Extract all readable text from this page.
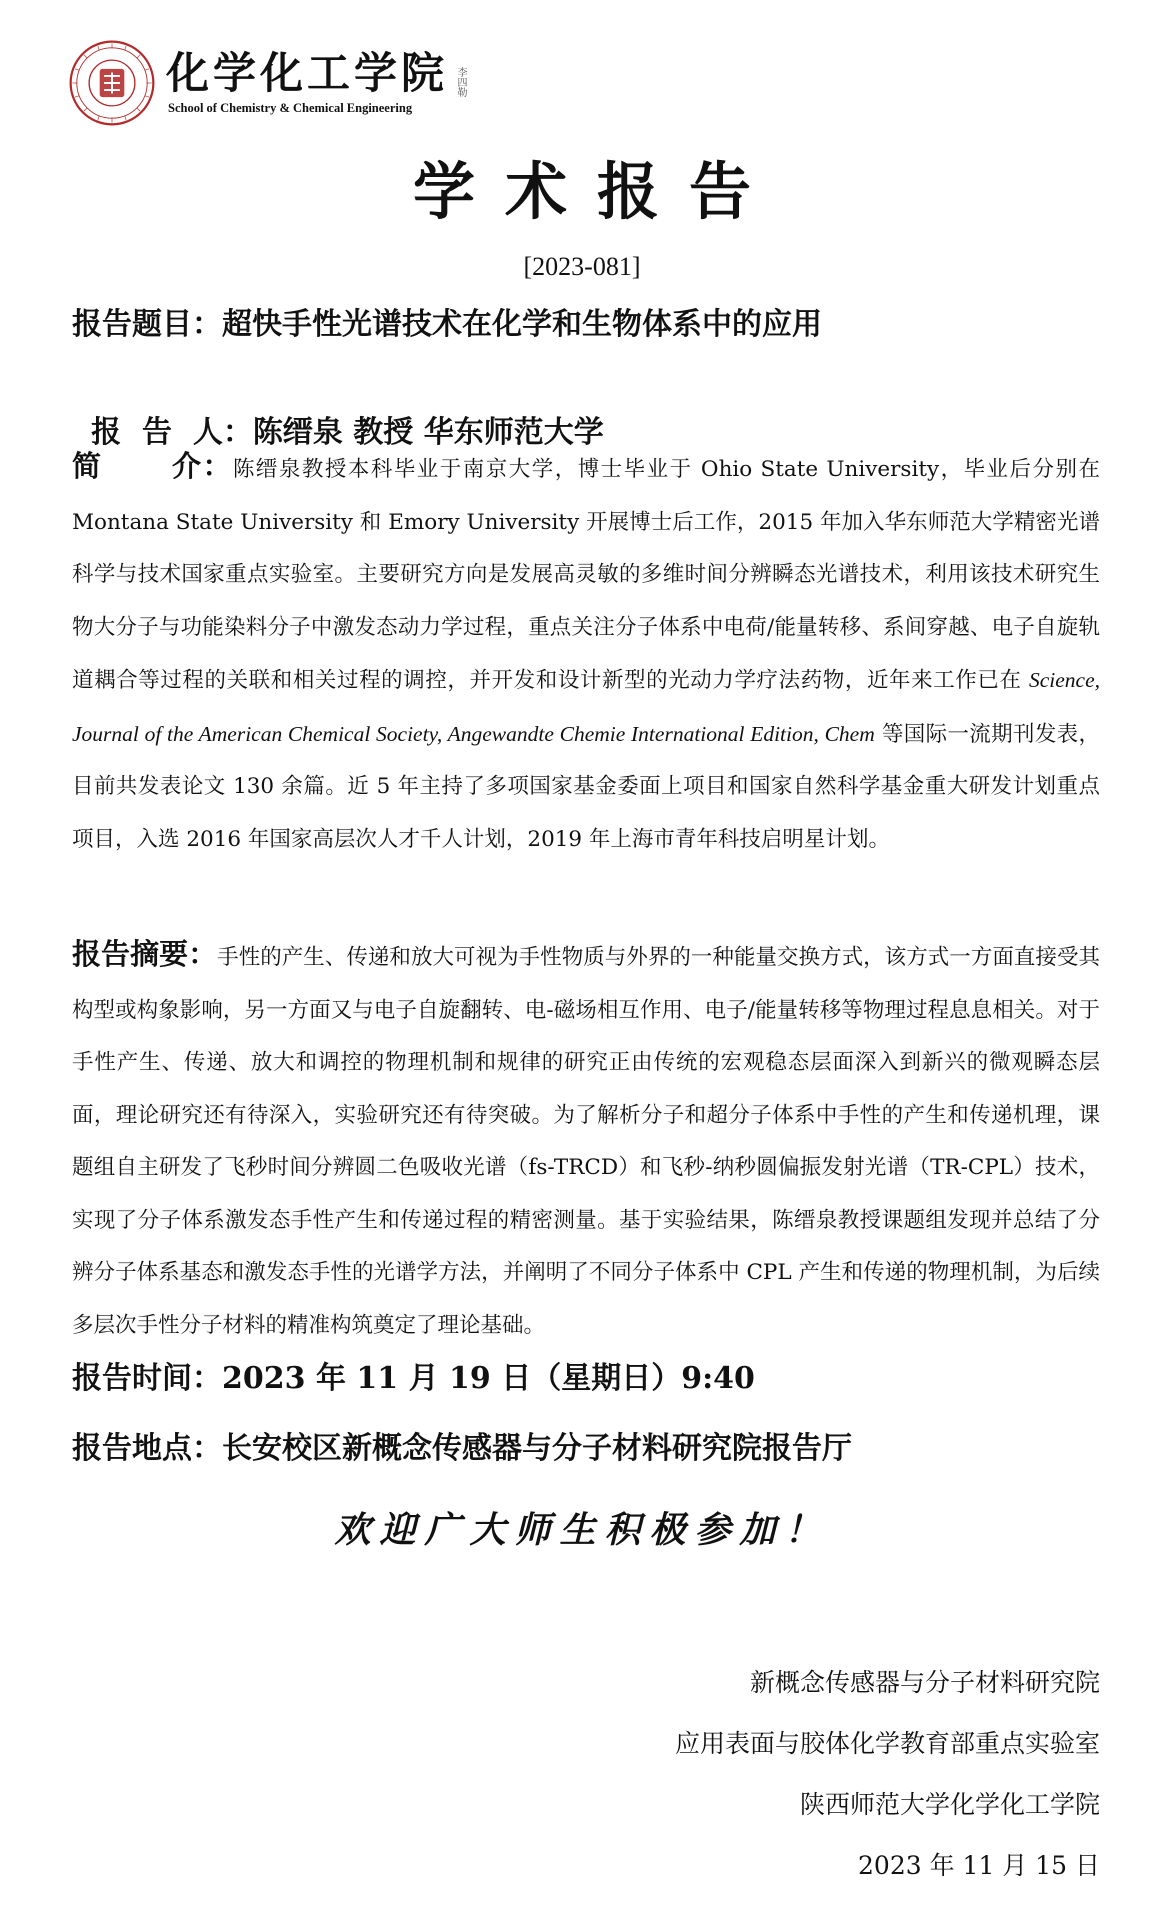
化学化工学院 李四勒
School of Chemistry & Chemical Engineering
学术报告
[2023-081]
报告题目：超快手性光谱技术在化学和生物体系中的应用

报  告  人：陈缙泉 教授 华东师范大学

简      介：陈缙泉教授本科毕业于南京大学，博士毕业于 Ohio State University，毕业后分别在 Montana State University 和 Emory University 开展博士后工作，2015 年加入华东师范大学精密光谱科学与技术国家重点实验室。主要研究方向是发展高灵敏的多维时间分辨瞬态光谱技术，利用该技术研究生物大分子与功能染料分子中激发态动力学过程，重点关注分子体系中电荷/能量转移、系间穿越、电子自旋轨道耦合等过程的关联和相关过程的调控，并开发和设计新型的光动力学疗法药物，近年来工作已在 Science, Journal of the American Chemical Society, Angewandte Chemie International Edition, Chem 等国际一流期刊发表，目前共发表论文 130 余篇。近 5 年主持了多项国家基金委面上项目和国家自然科学基金重大研发计划重点项目，入选 2016 年国家高层次人才千人计划，2019 年上海市青年科技启明星计划。
报告摘要：手性的产生、传递和放大可视为手性物质与外界的一种能量交换方式，该方式一方面直接受其构型或构象影响，另一方面又与电子自旋翻转、电-磁场相互作用、电子/能量转移等物理过程息息相关。对于手性产生、传递、放大和调控的物理机制和规律的研究正由传统的宏观稳态层面深入到新兴的微观瞬态层面，理论研究还有待深入，实验研究还有待突破。为了解析分子和超分子体系中手性的产生和传递机理，课题组自主研发了飞秒时间分辨圆二色吸收光谱（fs-TRCD）和飞秒-纳秒圆偏振发射光谱（TR-CPL）技术，实现了分子体系激发态手性产生和传递过程的精密测量。基于实验结果，陈缙泉教授课题组发现并总结了分辨分子体系基态和激发态手性的光谱学方法，并阐明了不同分子体系中 CPL 产生和传递的物理机制，为后续多层次手性分子材料的精准构筑奠定了理论基础。
报告时间：2023 年 11 月 19 日（星期日）9:40
报告地点：长安校区新概念传感器与分子材料研究院报告厅
欢迎广大师生积极参加！
新概念传感器与分子材料研究院
应用表面与胶体化学教育部重点实验室
陕西师范大学化学化工学院
2023 年 11 月 15 日
